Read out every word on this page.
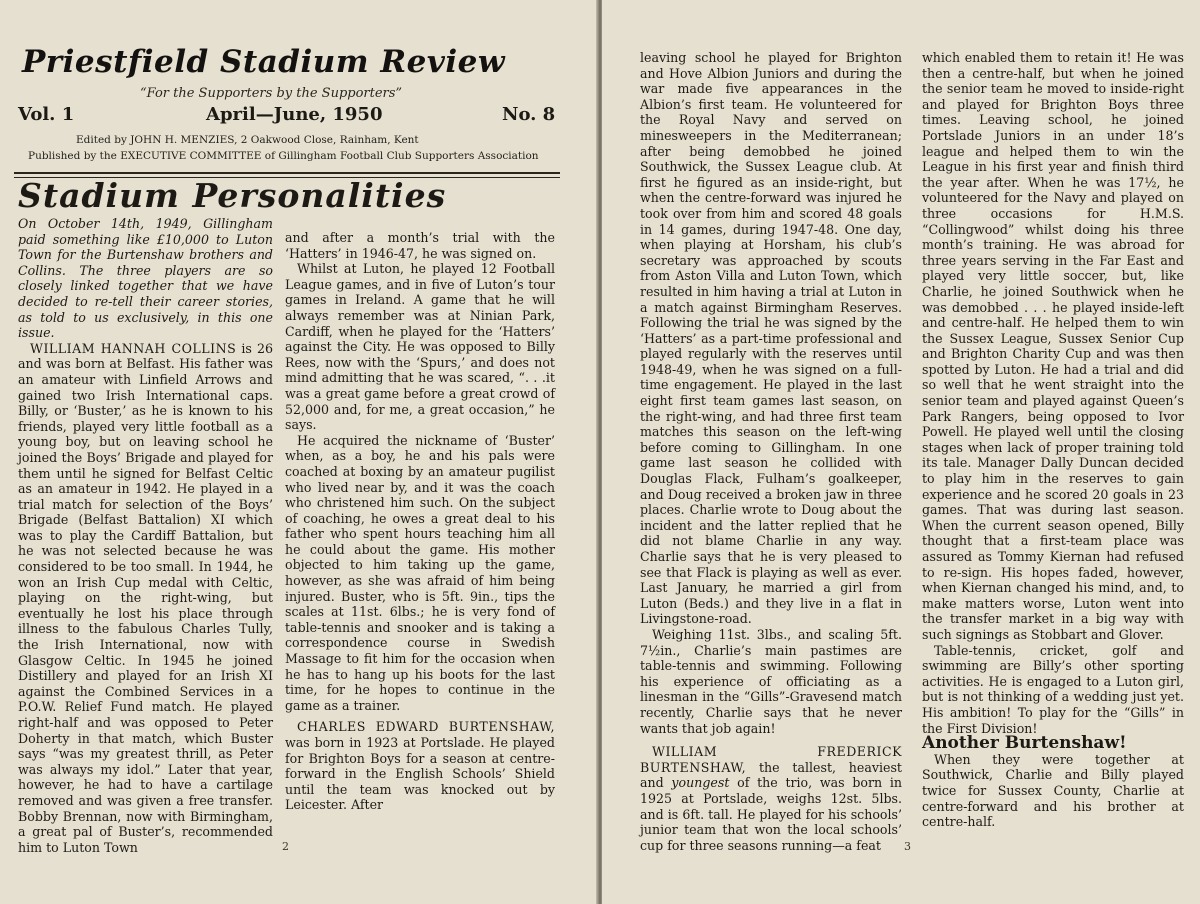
Priestfield Stadium Review
“For the Supporters by the Supporters”
Vol. 1	April—June, 1950	No. 8
Edited by JOHN H. MENZIES, 2 Oakwood Close, Rainham, Kent
Published by the EXECUTIVE COMMITTEE of Gillingham Football Club Supporters Association
Stadium Personalities

On October 14th, 1949, Gillingham paid something like £10,000 to Luton Town for the Burtenshaw brothers and Collins. The three players are so closely linked together that we have decided to re-tell their career stories, as told to us exclusively, in this one issue.

WILLIAM HANNAH COLLINS is 26 and was born at Belfast. His father was an amateur with Linfield Arrows and gained two Irish International caps. Billy, or ‘Buster,’ as he is known to his friends, played very little football as a young boy, but on leaving school he joined the Boys’ Brigade and played for them until he signed for Belfast Celtic as an amateur in 1942. He played in a trial match for selection of the Boys’ Brigade (Belfast Battalion) XI which was to play the Cardiff Battalion, but he was not selected because he was considered to be too small. In 1944, he won an Irish Cup medal with Celtic, playing on the right-wing, but eventually he lost his place through illness to the fabulous Charles Tully, the Irish International, now with Glasgow Celtic. In 1945 he joined Distillery and played for an Irish XI against the Combined Services in a P.O.W. Relief Fund match. He played right-half and was opposed to Peter Doherty in that match, which Buster says “was my greatest thrill, as Peter was always my idol.” Later that year, however, he had to have a cartilage removed and was given a free transfer. Bobby Brennan, now with Birmingham, a great pal of Buster’s, recommended him to Luton Town

and after a month’s trial with the ‘Hatters’ in 1946-47, he was signed on.

Whilst at Luton, he played 12 Football League games, and in five of Luton’s tour games in Ireland. A game that he will always remember was at Ninian Park, Cardiff, when he played for the ‘Hatters’ against the City. He was opposed to Billy Rees, now with the ‘Spurs,’ and does not mind admitting that he was scared, “. . .it was a great game before a great crowd of 52,000 and, for me, a great occasion,” he says.

He acquired the nickname of ‘Buster’ when, as a boy, he and his pals were coached at boxing by an amateur pugilist who lived near by, and it was the coach who christened him such. On the subject of coaching, he owes a great deal to his father who spent hours teaching him all he could about the game. His mother objected to him taking up the game, however, as she was afraid of him being injured. Buster, who is 5ft. 9in., tips the scales at 11st. 6lbs.; he is very fond of table-tennis and snooker and is taking a correspondence course in Swedish Massage to fit him for the occasion when he has to hang up his boots for the last time, for he hopes to continue in the game as a trainer.

CHARLES EDWARD BURTENSHAW, was born in 1923 at Portslade. He played for Brighton Boys for a season at centre-forward in the English Schools’ Shield until the team was knocked out by Leicester. After

2

leaving school he played for Brighton and Hove Albion Juniors and during the war made five appearances in the Albion’s first team. He volunteered for the Royal Navy and served on minesweepers in the Mediterranean; after being demobbed he joined Southwick, the Sussex League club. At first he figured as an inside-right, but when the centre-forward was injured he took over from him and scored 48 goals in 14 games, during 1947-48. One day, when playing at Horsham, his club’s secretary was approached by scouts from Aston Villa and Luton Town, which resulted in him having a trial at Luton in a match against Birmingham Reserves. Following the trial he was signed by the ‘Hatters’ as a part-time professional and played regularly with the reserves until 1948-49, when he was signed on a full-time engagement. He played in the last eight first team games last season, on the right-wing, and had three first team matches this season on the left-wing before coming to Gillingham. In one game last season he collided with Douglas Flack, Fulham’s goalkeeper, and Doug received a broken jaw in three places. Charlie wrote to Doug about the incident and the latter replied that he did not blame Charlie in any way. Charlie says that he is very pleased to see that Flack is playing as well as ever. Last January, he married a girl from Luton (Beds.) and they live in a flat in Livingstone-road.

Weighing 11st. 3lbs., and scaling 5ft. 7½in., Charlie’s main pastimes are table-tennis and swimming. Following his experience of officiating as a linesman in the “Gills”-Gravesend match recently, Charlie says that he never wants that job again!

WILLIAM FREDERICK BURTENSHAW, the tallest, heaviest and youngest of the trio, was born in 1925 at Portslade, weighs 12st. 5lbs. and is 6ft. tall. He played for his schools’ junior team that won the local schools’ cup for three seasons running—a feat

which enabled them to retain it! He was then a centre-half, but when he joined the senior team he moved to inside-right and played for Brighton Boys three times. Leaving school, he joined Portslade Juniors in an under 18’s league and helped them to win the League in his first year and finish third the year after. When he was 17½, he volunteered for the Navy and played on three occasions for H.M.S. “Collingwood” whilst doing his three month’s training. He was abroad for three years serving in the Far East and played very little soccer, but, like Charlie, he joined Southwick when he was demobbed . . . he played inside-left and centre-half. He helped them to win the Sussex League, Sussex Senior Cup and Brighton Charity Cup and was then spotted by Luton. He had a trial and did so well that he went straight into the senior team and played against Queen’s Park Rangers, being opposed to Ivor Powell. He played well until the closing stages when lack of proper training told its tale. Manager Dally Duncan decided to play him in the reserves to gain experience and he scored 20 goals in 23 games. That was during last season. When the current season opened, Billy thought that a first-team place was assured as Tommy Kiernan had refused to re-sign. His hopes faded, however, when Kiernan changed his mind, and, to make matters worse, Luton went into the transfer market in a big way with such signings as Stobbart and Glover.

Table-tennis, cricket, golf and swimming are Billy’s other sporting activities. He is engaged to a Luton girl, but is not thinking of a wedding just yet. His ambition! To play for the “Gills” in the First Division!

Another Burtenshaw!

When they were together at Southwick, Charlie and Billy played twice for Sussex County, Charlie at centre-forward and his brother at centre-half.

3
